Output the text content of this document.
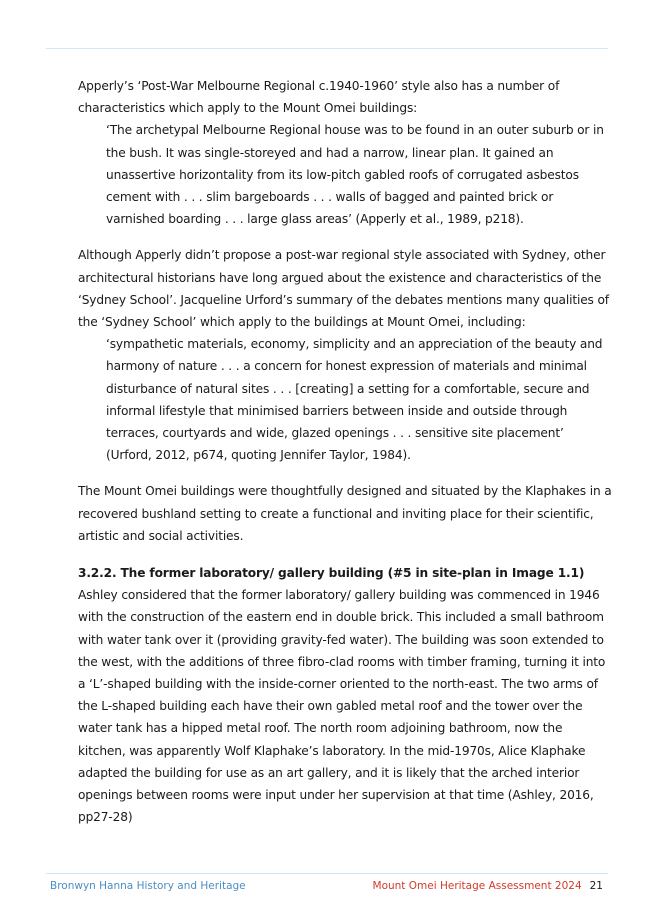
Apperly’s ‘Post-War Melbourne Regional c.1940-1960’ style also has a number of characteristics which apply to the Mount Omei buildings:

‘The archetypal Melbourne Regional house was to be found in an outer suburb or in the bush. It was single-storeyed and had a narrow, linear plan. It gained an unassertive horizontality from its low-pitch gabled roofs of corrugated asbestos cement with . . . slim bargeboards . . . walls of bagged and painted brick or varnished boarding . . . large glass areas’ (Apperly et al., 1989, p218).

Although Apperly didn’t propose a post-war regional style associated with Sydney, other architectural historians have long argued about the existence and characteristics of the ‘Sydney School’. Jacqueline Urford’s summary of the debates mentions many qualities of the ‘Sydney School’ which apply to the buildings at Mount Omei, including:

‘sympathetic materials, economy, simplicity and an appreciation of the beauty and harmony of nature . . . a concern for honest expression of materials and minimal disturbance of natural sites . . . [creating] a setting for a comfortable, secure and informal lifestyle that minimised barriers between inside and outside through terraces, courtyards and wide, glazed openings . . . sensitive site placement’ (Urford, 2012, p674, quoting Jennifer Taylor, 1984).

The Mount Omei buildings were thoughtfully designed and situated by the Klaphakes in a recovered bushland setting to create a functional and inviting place for their scientific, artistic and social activities.

3.2.2. The former laboratory/ gallery building (#5 in site-plan in Image 1.1)

Ashley considered that the former laboratory/ gallery building was commenced in 1946 with the construction of the eastern end in double brick. This included a small bathroom with water tank over it (providing gravity-fed water). The building was soon extended to the west, with the additions of three fibro-clad rooms with timber framing, turning it into a ‘L’-shaped building with the inside-corner oriented to the north-east. The two arms of the L-shaped building each have their own gabled metal roof and the tower over the water tank has a hipped metal roof. The north room adjoining bathroom, now the kitchen, was apparently Wolf Klaphake’s laboratory. In the mid-1970s, Alice Klaphake adapted the building for use as an art gallery, and it is likely that the arched interior openings between rooms were input under her supervision at that time (Ashley, 2016, pp27-28)

Bronwyn Hanna History and Heritage	Mount Omei Heritage Assessment 2024 21
